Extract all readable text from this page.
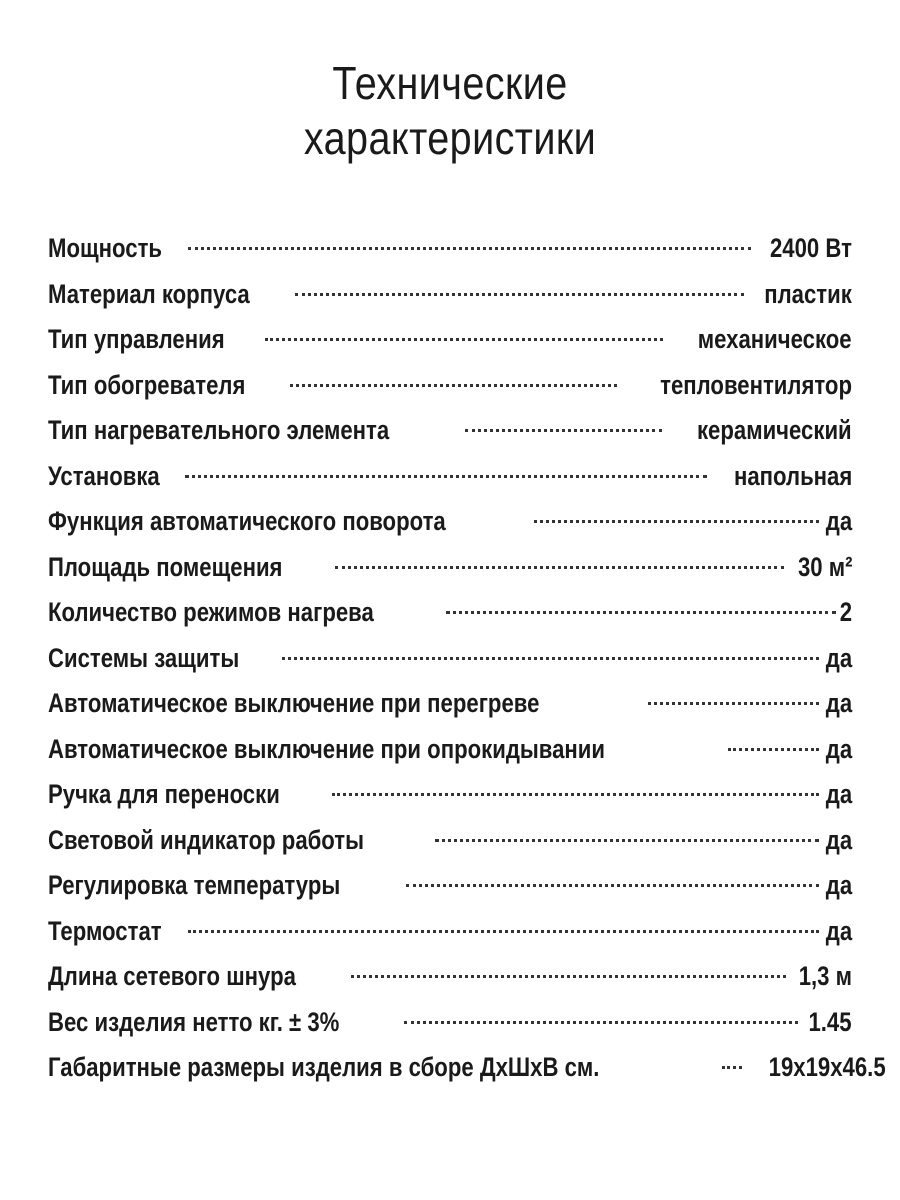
Технические
характеристики
Мощность	2400 Вт
Материал корпуса	пластик
Тип управления	механическое
Тип обогревателя	тепловентилятор
Тип нагревательного элемента	керамический
Установка	напольная
Функция автоматического поворота	да
Площадь помещения	30 м²
Количество режимов нагрева	2
Системы защиты	да
Автоматическое выключение при перегреве	да
Автоматическое выключение при опрокидывании	да
Ручка для переноски	да
Световой индикатор работы	да
Регулировка температуры	да
Термостат	да
Длина сетевого шнура	1,3 м
Вес изделия нетто кг. ± 3%	1.45
Габаритные размеры изделия в сборе ДхШхВ см.	19x19x46.5
